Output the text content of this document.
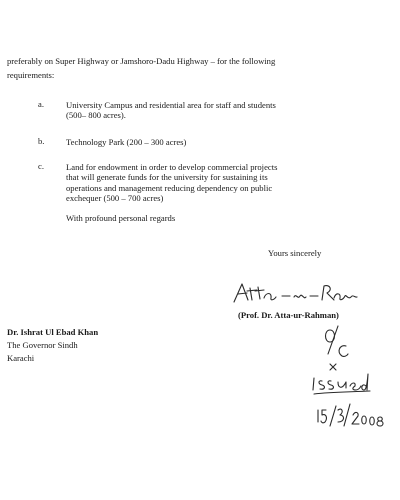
preferably on Super Highway or Jamshoro-Dadu Highway – for the following
requirements:
a.	University Campus and residential area for staff and students
(500– 800 acres).
b.	Technology Park (200 – 300 acres)
c.	Land for endowment in order to develop commercial projects
that will generate funds for the university for sustaining its
operations and management reducing dependency on public
exchequer (500 – 700 acres)
With profound personal regards
Yours sincerely
(Prof. Dr. Atta-ur-Rahman)
Dr. Ishrat Ul Ebad Khan
The Governor Sindh
Karachi
